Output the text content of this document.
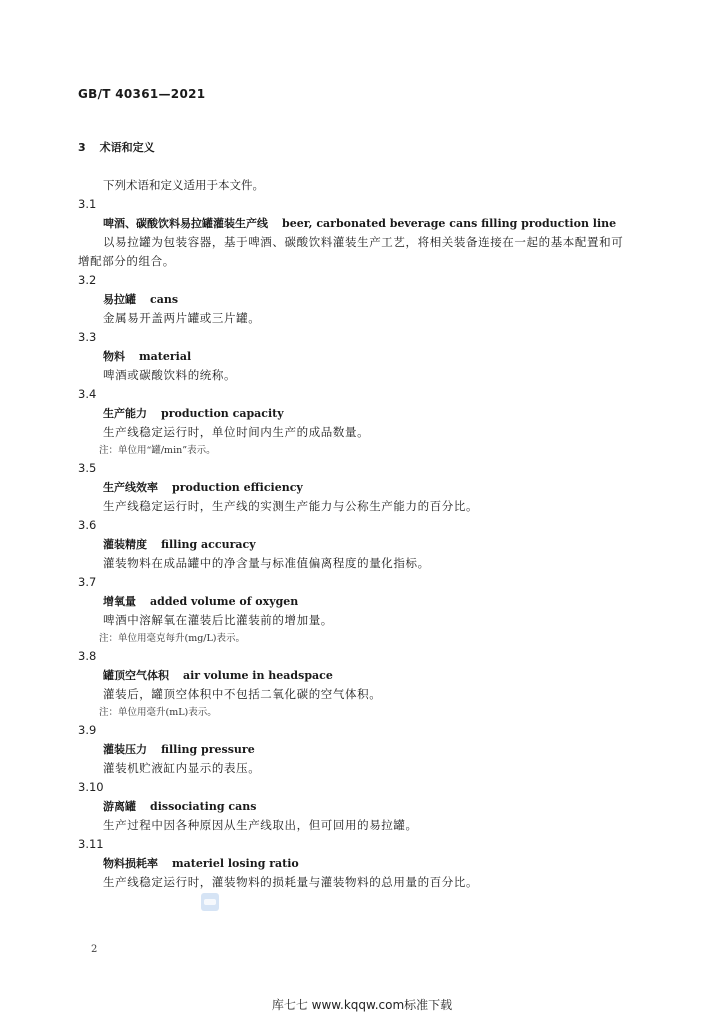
GB/T 40361—2021
3 术语和定义
下列术语和定义适用于本文件。
3.1
啤酒、碳酸饮料易拉罐灌装生产线 beer, carbonated beverage cans filling production line
以易拉罐为包装容器，基于啤酒、碳酸饮料灌装生产工艺，将相关装备连接在一起的基本配置和可
增配部分的组合。
3.2
易拉罐 cans
金属易开盖两片罐或三片罐。
3.3
物料 material
啤酒或碳酸饮料的统称。
3.4
生产能力 production capacity
生产线稳定运行时，单位时间内生产的成品数量。
注：单位用“罐/min”表示。
3.5
生产线效率 production efficiency
生产线稳定运行时，生产线的实测生产能力与公称生产能力的百分比。
3.6
灌装精度 filling accuracy
灌装物料在成品罐中的净含量与标准值偏离程度的量化指标。
3.7
增氧量 added volume of oxygen
啤酒中溶解氧在灌装后比灌装前的增加量。
注：单位用毫克每升(mg/L)表示。
3.8
罐顶空气体积 air volume in headspace
灌装后，罐顶空体积中不包括二氧化碳的空气体积。
注：单位用毫升(mL)表示。
3.9
灌装压力 filling pressure
灌装机贮液缸内显示的表压。
3.10
游离罐 dissociating cans
生产过程中因各种原因从生产线取出，但可回用的易拉罐。
3.11
物料损耗率 materiel losing ratio
生产线稳定运行时，灌装物料的损耗量与灌装物料的总用量的百分比。
2
库七七 www.kqqw.com标准下载
